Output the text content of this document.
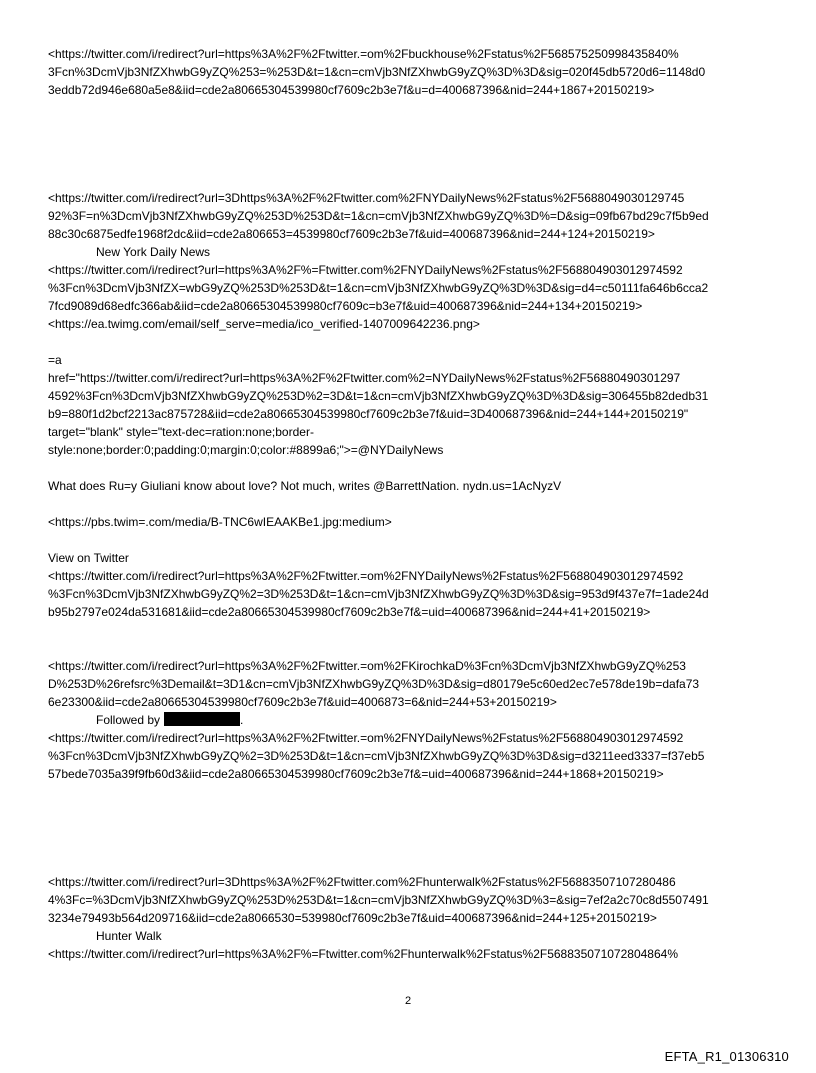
<https://twitter.com/i/redirect?url=https%3A%2F%2Ftwitter.=om%2Fbuckhouse%2Fstatus%2F568575250998435840%
3Fcn%3DcmVjb3NfZXhwbG9yZQ%253=%253D&t=1&cn=cmVjb3NfZXhwbG9yZQ%3D%3D&sig=020f45db5720d6=1148d0
3eddb72d946e680a5e8&iid=cde2a80665304539980cf7609c2b3e7f&u=d=400687396&nid=244+1867+20150219>
<https://twitter.com/i/redirect?url=3Dhttps%3A%2F%2Ftwitter.com%2FNYDailyNews%2Fstatus%2F5688049030129745
92%3F=n%3DcmVjb3NfZXhwbG9yZQ%253D%253D&t=1&cn=cmVjb3NfZXhwbG9yZQ%3D%=D&sig=09fb67bd29c7f5b9ed
88c30c6875edfe1968f2dc&iid=cde2a806653=4539980cf7609c2b3e7f&uid=400687396&nid=244+124+20150219>
New York Daily News
<https://twitter.com/i/redirect?url=https%3A%2F%=Ftwitter.com%2FNYDailyNews%2Fstatus%2F568804903012974592
%3Fcn%3DcmVjb3NfZX=wbG9yZQ%253D%253D&t=1&cn=cmVjb3NfZXhwbG9yZQ%3D%3D&sig=d4=c50111fa646b6cca2
7fcd9089d68edfc366ab&iid=cde2a80665304539980cf7609c=b3e7f&uid=400687396&nid=244+134+20150219>
<https://ea.twimg.com/email/self_serve=media/ico_verified-1407009642236.png>
=a
href="https://twitter.com/i/redirect?url=https%3A%2F%2Ftwitter.com%2=NYDailyNews%2Fstatus%2F56880490301297
4592%3Fcn%3DcmVjb3NfZXhwbG9yZQ%253D%2=3D&t=1&cn=cmVjb3NfZXhwbG9yZQ%3D%3D&sig=306455b82dedb31
b9=880f1d2bcf2213ac875728&iid=cde2a80665304539980cf7609c2b3e7f&uid=3D400687396&nid=244+144+20150219"
target="blank" style="text-dec=ration:none;border-
style:none;border:0;padding:0;margin:0;color:#8899a6;">=@NYDailyNews
What does Ru=y Giuliani know about love? Not much, writes @BarrettNation. nydn.us=1AcNyzV
<https://pbs.twim=.com/media/B-TNC6wIEAAKBe1.jpg:medium>
View on Twitter
<https://twitter.com/i/redirect?url=https%3A%2F%2Ftwitter.=om%2FNYDailyNews%2Fstatus%2F568804903012974592
%3Fcn%3DcmVjb3NfZXhwbG9yZQ%2=3D%253D&t=1&cn=cmVjb3NfZXhwbG9yZQ%3D%3D&sig=953d9f437e7f=1ade24d
b95b2797e024da531681&iid=cde2a80665304539980cf7609c2b3e7f&=uid=400687396&nid=244+41+20150219>
<https://twitter.com/i/redirect?url=https%3A%2F%2Ftwitter.=om%2FKirochkaD%3Fcn%3DcmVjb3NfZXhwbG9yZQ%253
D%253D%26refsrc%3Demail&t=3D1&cn=cmVjb3NfZXhwbG9yZQ%3D%3D&sig=d80179e5c60ed2ec7e578de19b=dafa73
6e23300&iid=cde2a80665304539980cf7609c2b3e7f&uid=4006873=6&nid=244+53+20150219>
Followed by	.
<https://twitter.com/i/redirect?url=https%3A%2F%2Ftwitter.=om%2FNYDailyNews%2Fstatus%2F568804903012974592
%3Fcn%3DcmVjb3NfZXhwbG9yZQ%2=3D%253D&t=1&cn=cmVjb3NfZXhwbG9yZQ%3D%3D&sig=d3211eed3337=f37eb5
57bede7035a39f9fb60d3&iid=cde2a80665304539980cf7609c2b3e7f&=uid=400687396&nid=244+1868+20150219>
<https://twitter.com/i/redirect?url=3Dhttps%3A%2F%2Ftwitter.com%2Fhunterwalk%2Fstatus%2F56883507107280486
4%3Fc=%3DcmVjb3NfZXhwbG9yZQ%253D%253D&t=1&cn=cmVjb3NfZXhwbG9yZQ%3D%3=&sig=7ef2a2c70c8d5507491
3234e79493b564d209716&iid=cde2a8066530=539980cf7609c2b3e7f&uid=400687396&nid=244+125+20150219>
Hunter Walk
<https://twitter.com/i/redirect?url=https%3A%2F%=Ftwitter.com%2Fhunterwalk%2Fstatus%2F568835071072804864%
2
EFTA_R1_01306310
